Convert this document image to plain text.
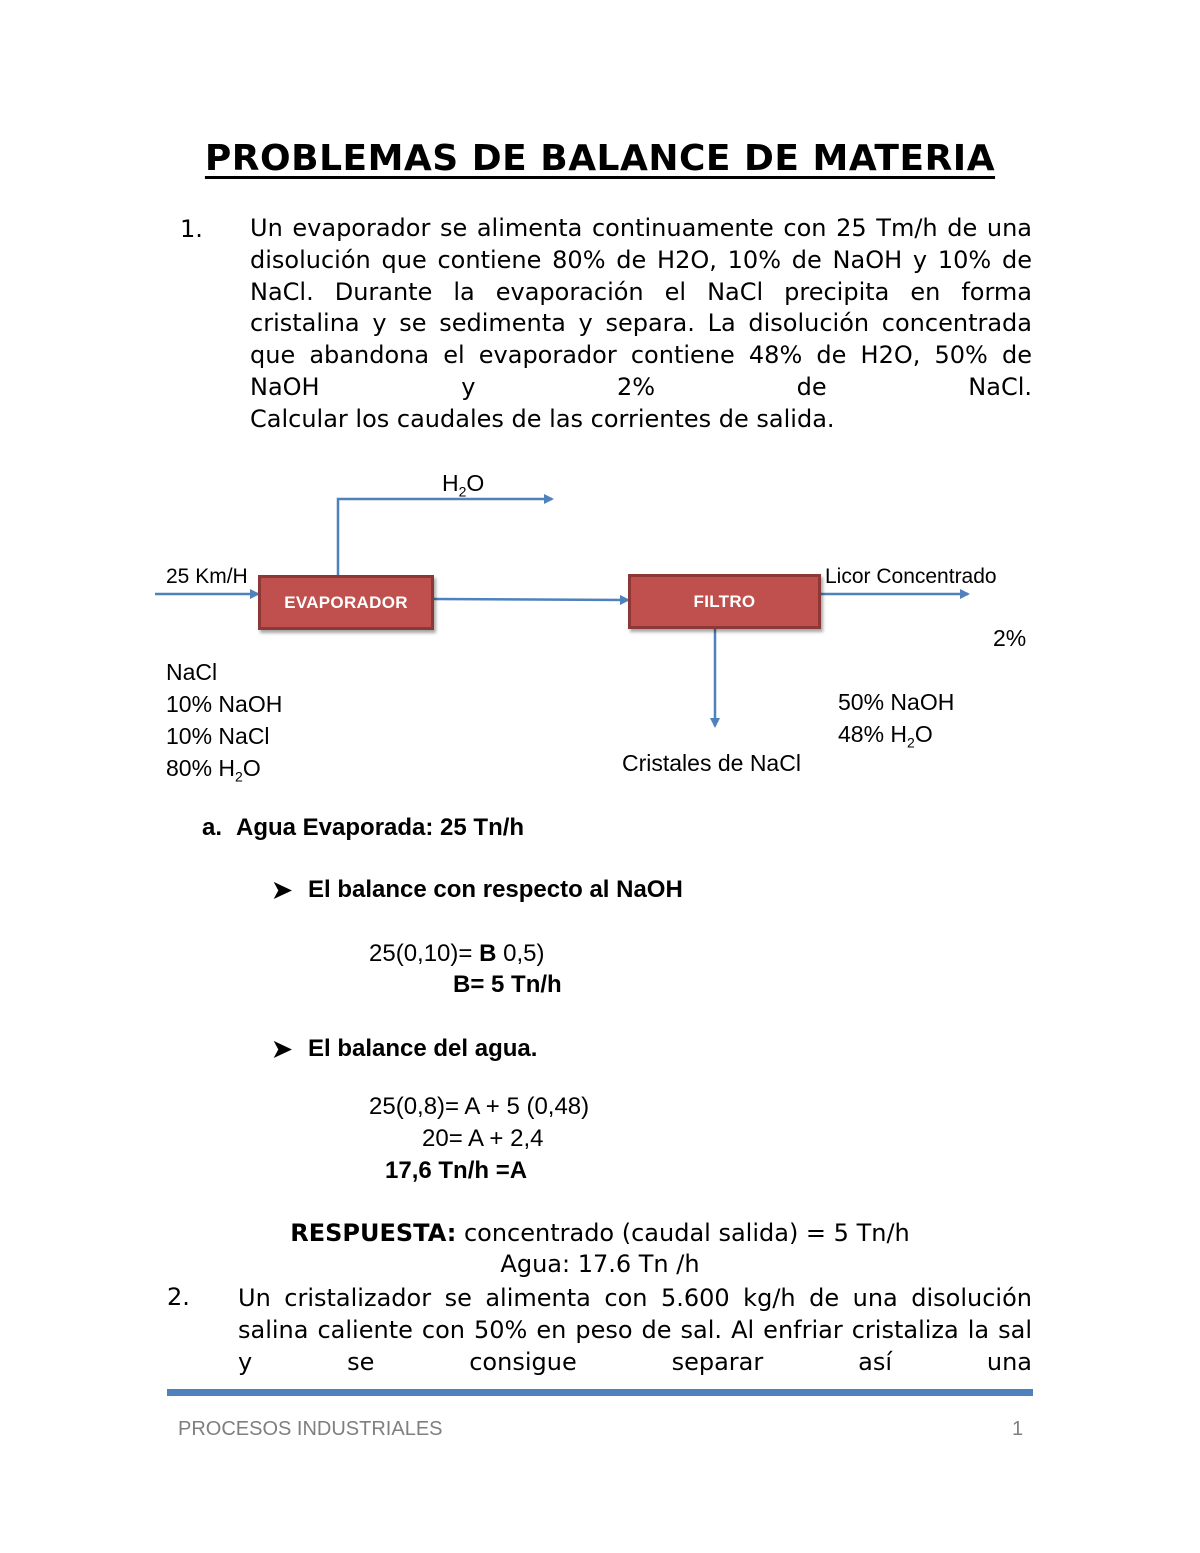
PROBLEMAS DE BALANCE DE MATERIA
1. Un evaporador se alimenta continuamente con 25 Tm/h de una disolución que contiene 80% de H2O, 10% de NaOH y 10% de NaCl. Durante la evaporación el NaCl precipita en forma cristalina y se sedimenta y separa. La disolución concentrada que abandona el evaporador contiene 48% de H2O, 50% de NaOH y 2% de NaCl.
Calcular los caudales de las corrientes de salida.
EVAPORADOR	FILTRO
$H_2O$
25 Km/H	Licor Concentrado
2%
NaCl
10% NaOH
10% NaCl
80% $H_2O$
50% NaOH
48% $H_2O$
Cristales de NaCl
a. Agua Evaporada: 25 Tn/h
➤ El balance con respecto al NaOH
25(0,10)= B 0,5)
B= 5 Tn/h
➤ El balance del agua.
25(0,8)= A + 5 (0,48)
20= A + 2,4
17,6 Tn/h =A
RESPUESTA: concentrado (caudal salida) = 5 Tn/h
Agua: 17.6 Tn /h
2. Un cristalizador se alimenta con 5.600 kg/h de una disolución salina caliente con 50% en peso de sal. Al enfriar cristaliza la sal y se consigue separar así una
PROCESOS INDUSTRIALES	1
